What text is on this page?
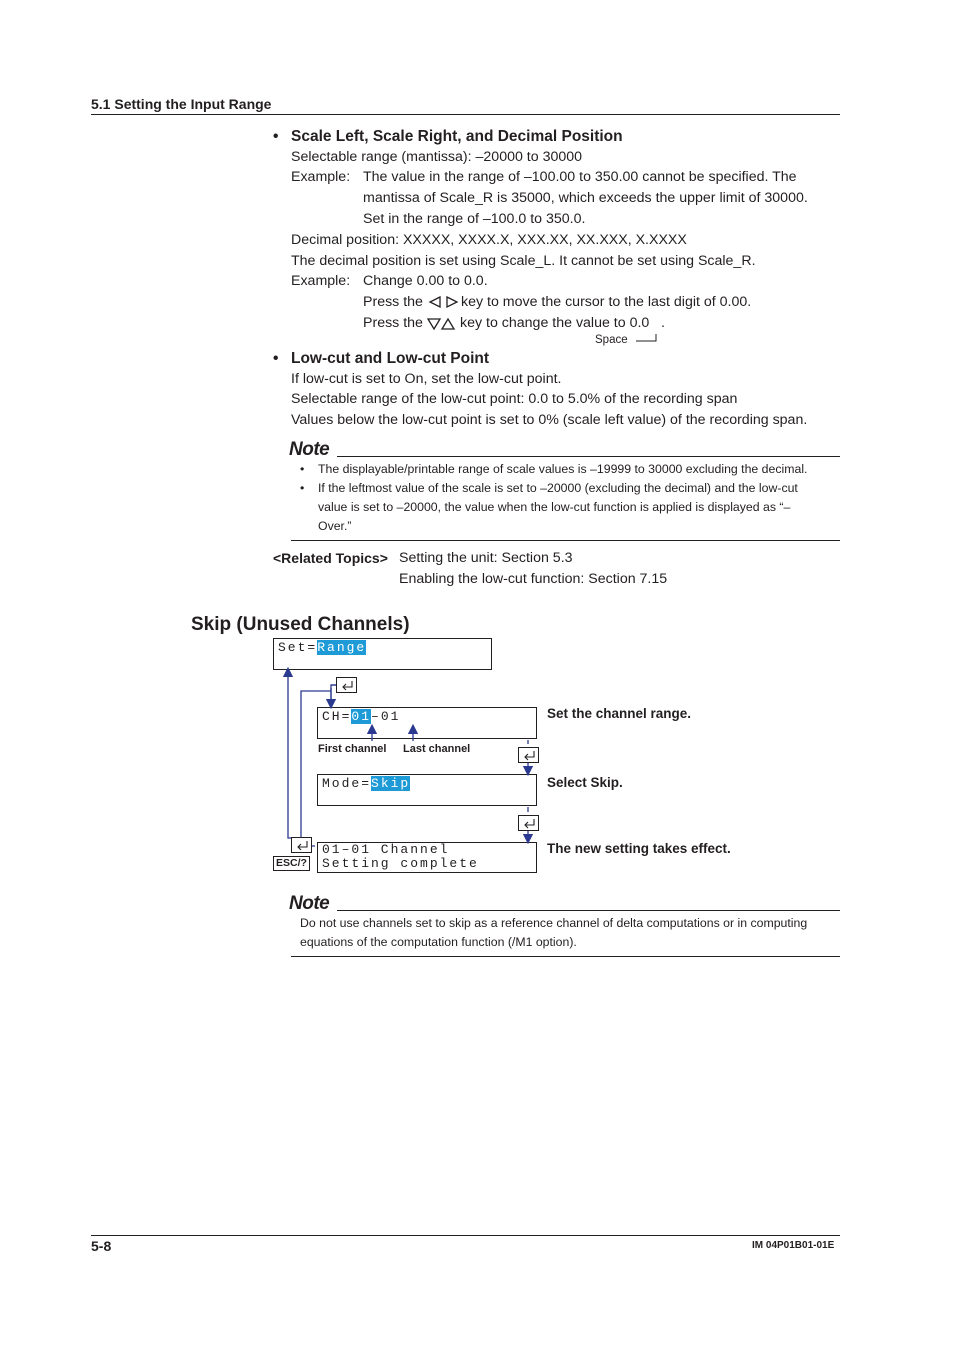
5.1 Setting the Input Range
• Scale Left, Scale Right, and Decimal Position
Selectable range (mantissa): –20000 to 30000
Example: The value in the range of –100.00 to 350.00 cannot be specified. The
mantissa of Scale_R is 35000, which exceeds the upper limit of 30000.
Set in the range of –100.0 to 350.0.
Decimal position: XXXXX, XXXX.X, XXX.XX, XX.XXX, X.XXXX
The decimal position is set using Scale_L. It cannot be set using Scale_R.
Example: Change 0.00 to 0.0.
Press the	key to move the cursor to the last digit of 0.00.
Press the	key to change the value to 0.0 .
Space
• Low-cut and Low-cut Point
If low-cut is set to On, set the low-cut point.
Selectable range of the low-cut point: 0.0 to 5.0% of the recording span
Values below the low-cut point is set to 0% (scale left value) of the recording span.
Note
• The displayable/printable range of scale values is –19999 to 30000 excluding the decimal.
• If the leftmost value of the scale is set to –20000 (excluding the decimal) and the low-cut
value is set to –20000, the value when the low-cut function is applied is displayed as “–
Over.”
<Related Topics> Setting the unit: Section 5.3
Enabling the low-cut function: Section 7.15
Skip (Unused Channels)
Set=Range
CH=01–01
Mode=Skip
01–01 Channel
Setting complete
First channel Last channel
Set the channel range.
Select Skip.
The new setting takes effect.
ESC/?
Note
Do not use channels set to skip as a reference channel of delta computations or in computing
equations of the computation function (/M1 option).
5-8	IM 04P01B01-01E
